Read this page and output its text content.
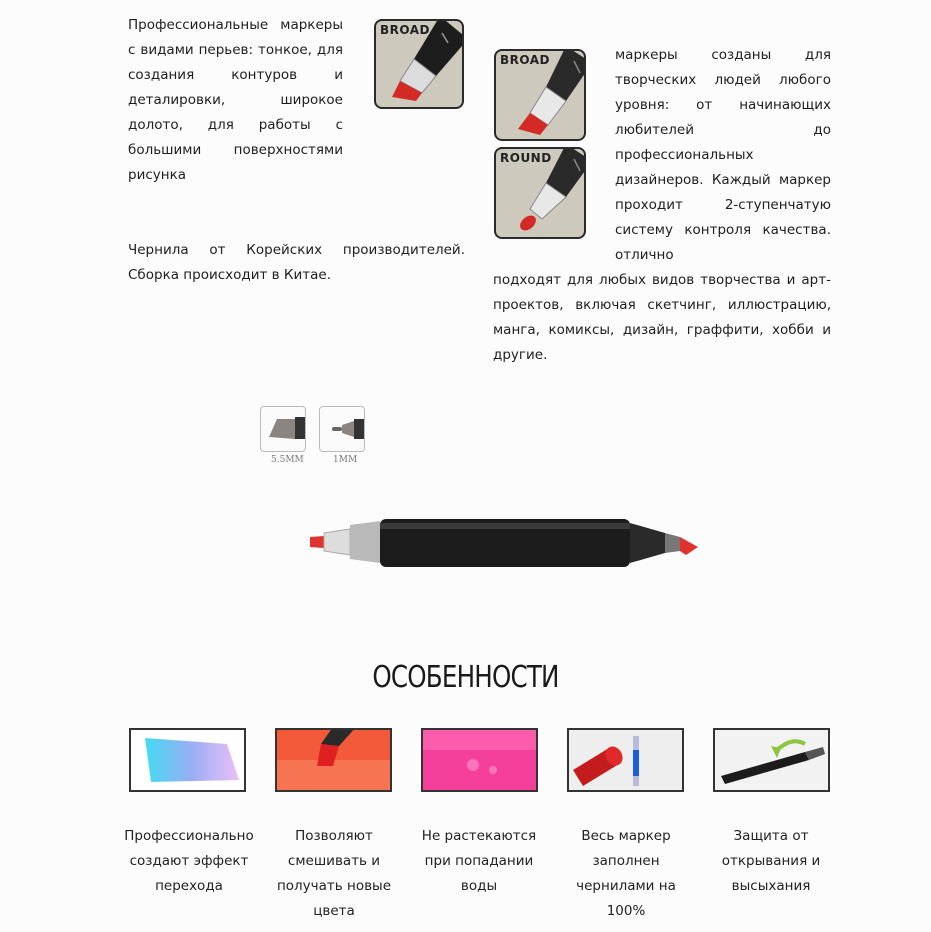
Профессиональные маркеры с видами перьев: тонкое, для создания контуров и деталировки, широкое долото, для работы с большими поверхностями рисунка
Чернила от Корейских производителей. Сборка происходит в Китае.
маркеры созданы для творческих людей любого уровня: от начинающих любителей до профессиональных дизайнеров. Каждый маркер проходит 2-ступенчатую систему контроля качества. отлично
подходят для любых видов творчества и арт-проектов, включая скетчинг, иллюстрацию, манга, комиксы, дизайн, граффити, хобби и другие.
BROAD
BROAD
ROUND
5.5MM	1MM
ОСОБЕННОСТИ
Профессионально создают эффект перехода
Позволяют смешивать и получать новые цвета
Не растекаются при попадании воды
Весь маркер заполнен чернилами на 100%
Защита от открывания и высыхания
